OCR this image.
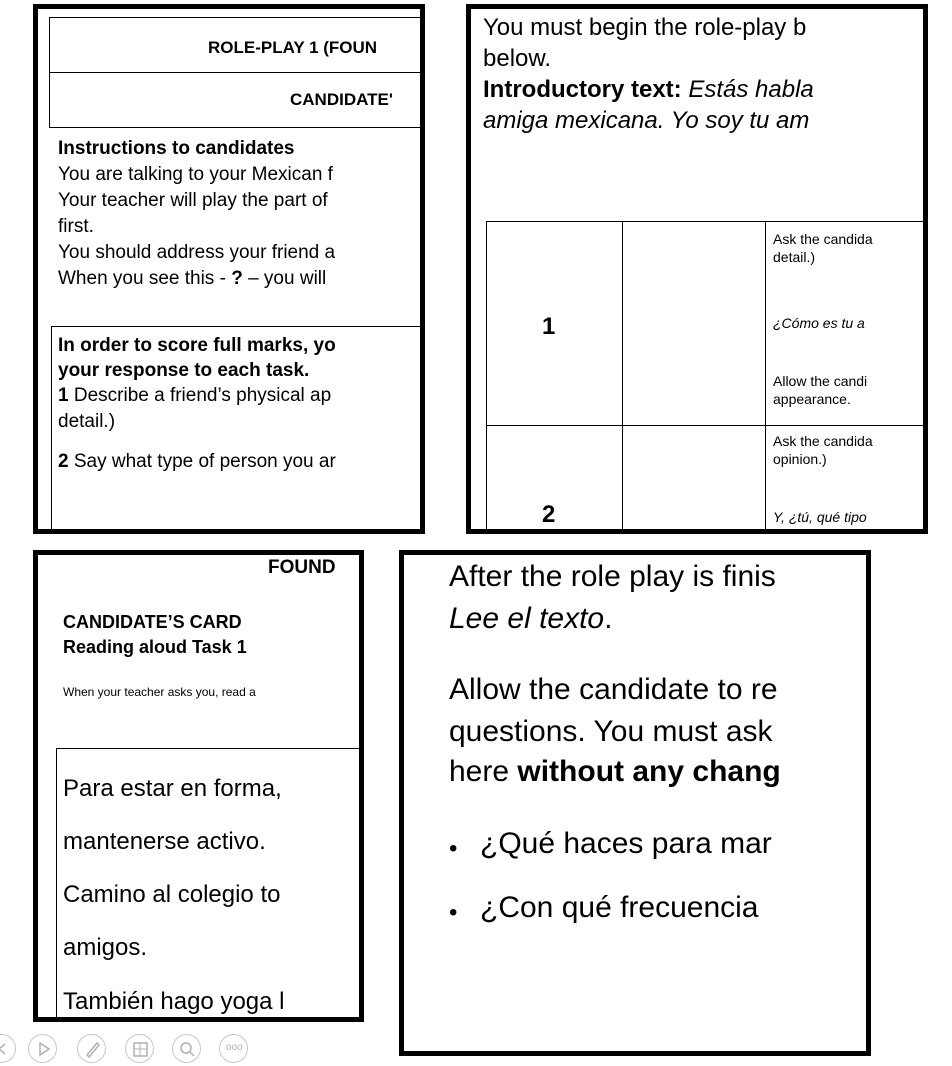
ROLE-PLAY 1 (FOUN
CANDIDATE'
Instructions to candidates
You are talking to your Mexican f
Your teacher will play the part of
first.
You should address your friend a
When you see this - ? – you will
In order to score full marks, yo
your response to each task.
1 Describe a friend’s physical ap
detail.)
2 Say what type of person you ar
You must begin the role-play b
below.
Introductory text: Estás habla
amiga mexicana. Yo soy tu am
1
Ask the candida
detail.)
¿Cómo es tu a
Allow the candi
appearance.
2
Ask the candida
opinion.)
Y, ¿tú, qué tipo
FOUND
CANDIDATE’S CARD
Reading aloud Task 1
When your teacher asks you, read a
Para estar en forma,
mantenerse activo.
Camino al colegio to
amigos.
También hago yoga l
After the role play is finis
Lee el texto.
Allow the candidate to re
questions. You must ask
here without any chang
• ¿Qué haces para mar
• ¿Con qué frecuencia
ooo
